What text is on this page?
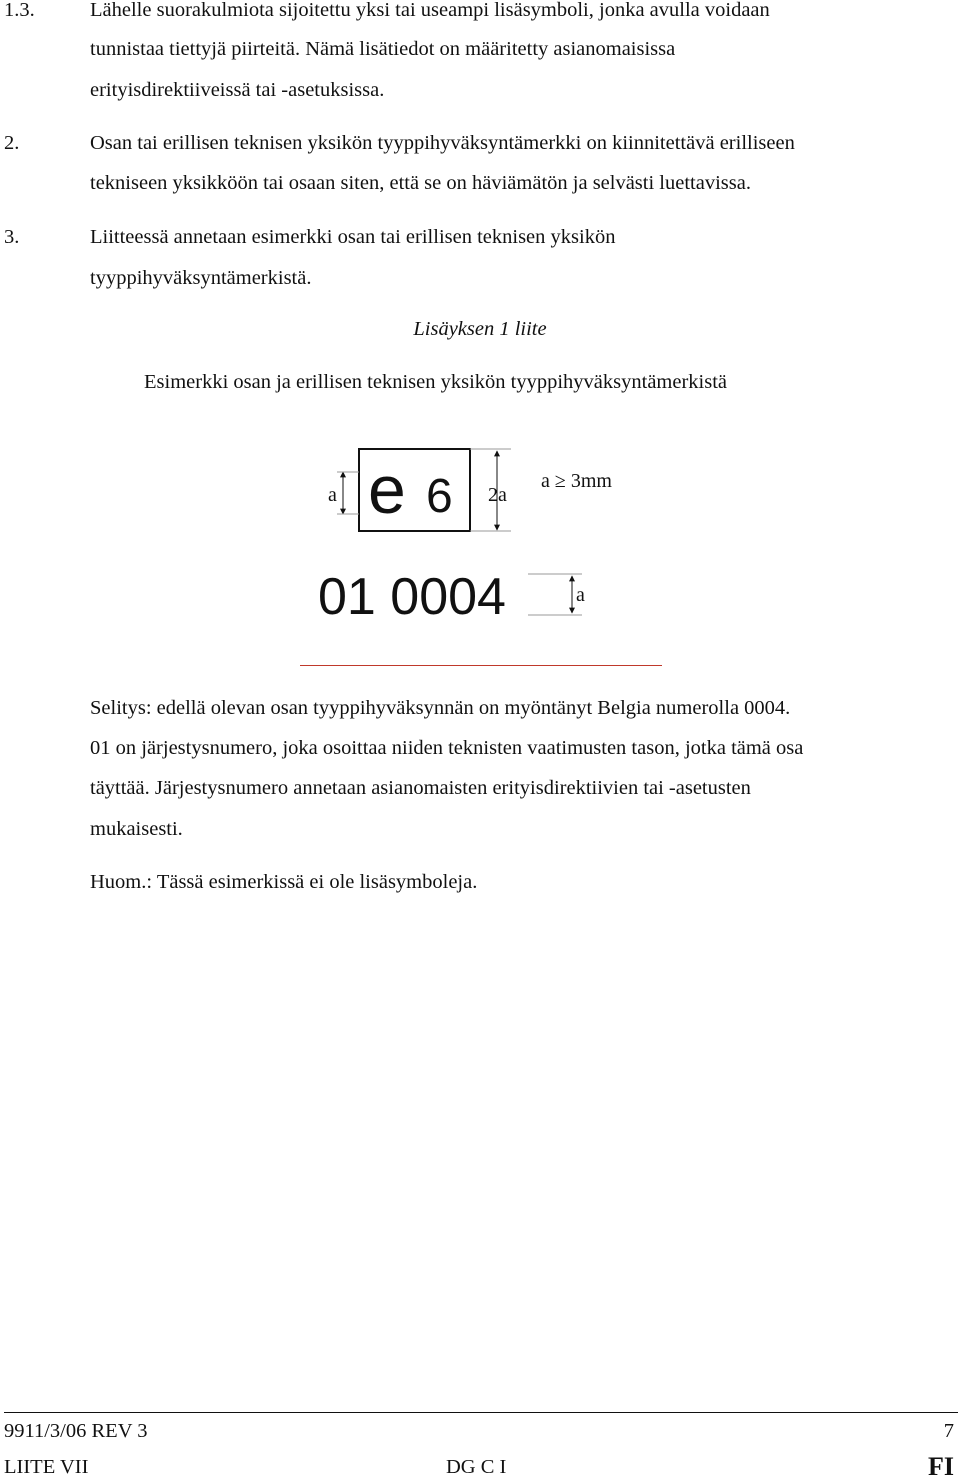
1.3.	Lähelle suorakulmiota sijoitettu yksi tai useampi lisäsymboli, jonka avulla voidaan
tunnistaa tiettyjä piirteitä. Nämä lisätiedot on määritetty asianomaisissa
erityisdirektiiveissä tai -asetuksissa.
2.	Osan tai erillisen teknisen yksikön tyyppihyväksyntämerkki on kiinnitettävä erilliseen
tekniseen yksikköön tai osaan siten, että se on häviämätön ja selvästi luettavissa.
3.	Liitteessä annetaan esimerkki osan tai erillisen teknisen yksikön
tyyppihyväksyntämerkistä.
Lisäyksen 1 liite
Esimerkki osan ja erillisen teknisen yksikön tyyppihyväksyntämerkistä
a	2a
e 6	a ≥ 3mm
01 0004	a
Selitys: edellä olevan osan tyyppihyväksynnän on myöntänyt Belgia numerolla 0004.
01 on järjestysnumero, joka osoittaa niiden teknisten vaatimusten tason, jotka tämä osa
täyttää. Järjestysnumero annetaan asianomaisten erityisdirektiivien tai -asetusten
mukaisesti.
Huom.: Tässä esimerkissä ei ole lisäsymboleja.
9911/3/06 REV 3	7
LIITE VII	DG C I	FI
